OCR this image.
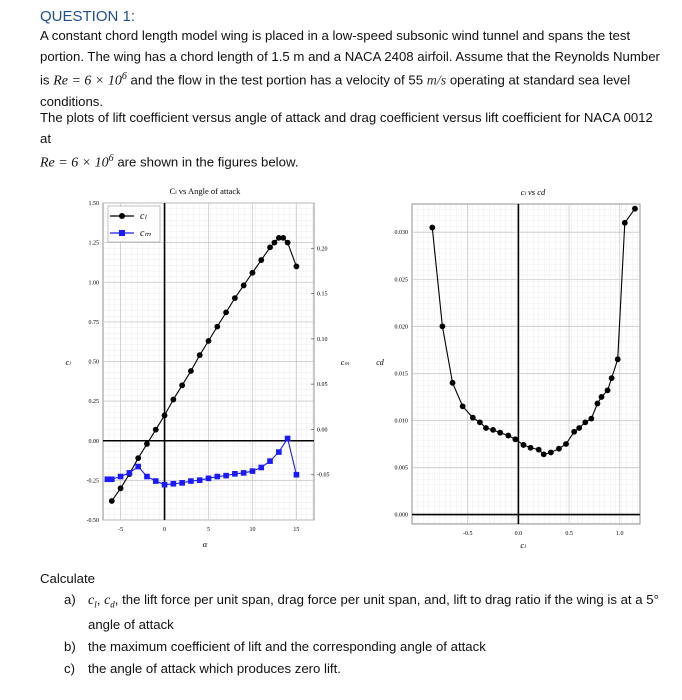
QUESTION 1:
A constant chord length model wing is placed in a low-speed subsonic wind tunnel and spans the test portion. The wing has a chord length of 1.5 m and a NACA 2408 airfoil. Assume that the Reynolds Number is $Re = 6 \times 10^6$ and the flow in the test portion has a velocity of 55 m/s operating at standard sea level conditions.
The plots of lift coefficient versus angle of attack and drag coefficient versus lift coefficient for NACA 0012 at
$Re = 6 \times 10^6$ are shown in the figures below.
-5	0	5	10	15
-0.50
-0.25
0.00
0.25
0.50
0.75
1.00
1.25
1.50
-0.05
0.00
0.05
0.10
0.15
0.20
Cₗ vs Angle of attack
α
cₗ	cₘ
cₗ
cₘ
-0.5	0.0	0.5	1.0
0.000
0.005
0.010
0.015
0.020
0.025
0.030
cₗ vs cd
cₗ
cd
Calculate
a) $c_l$, $c_d$, the lift force per unit span, drag force per unit span, and, lift to drag ratio if the wing is at a 5° angle of attack
b) the maximum coefficient of lift and the corresponding angle of attack
c) the angle of attack which produces zero lift.
